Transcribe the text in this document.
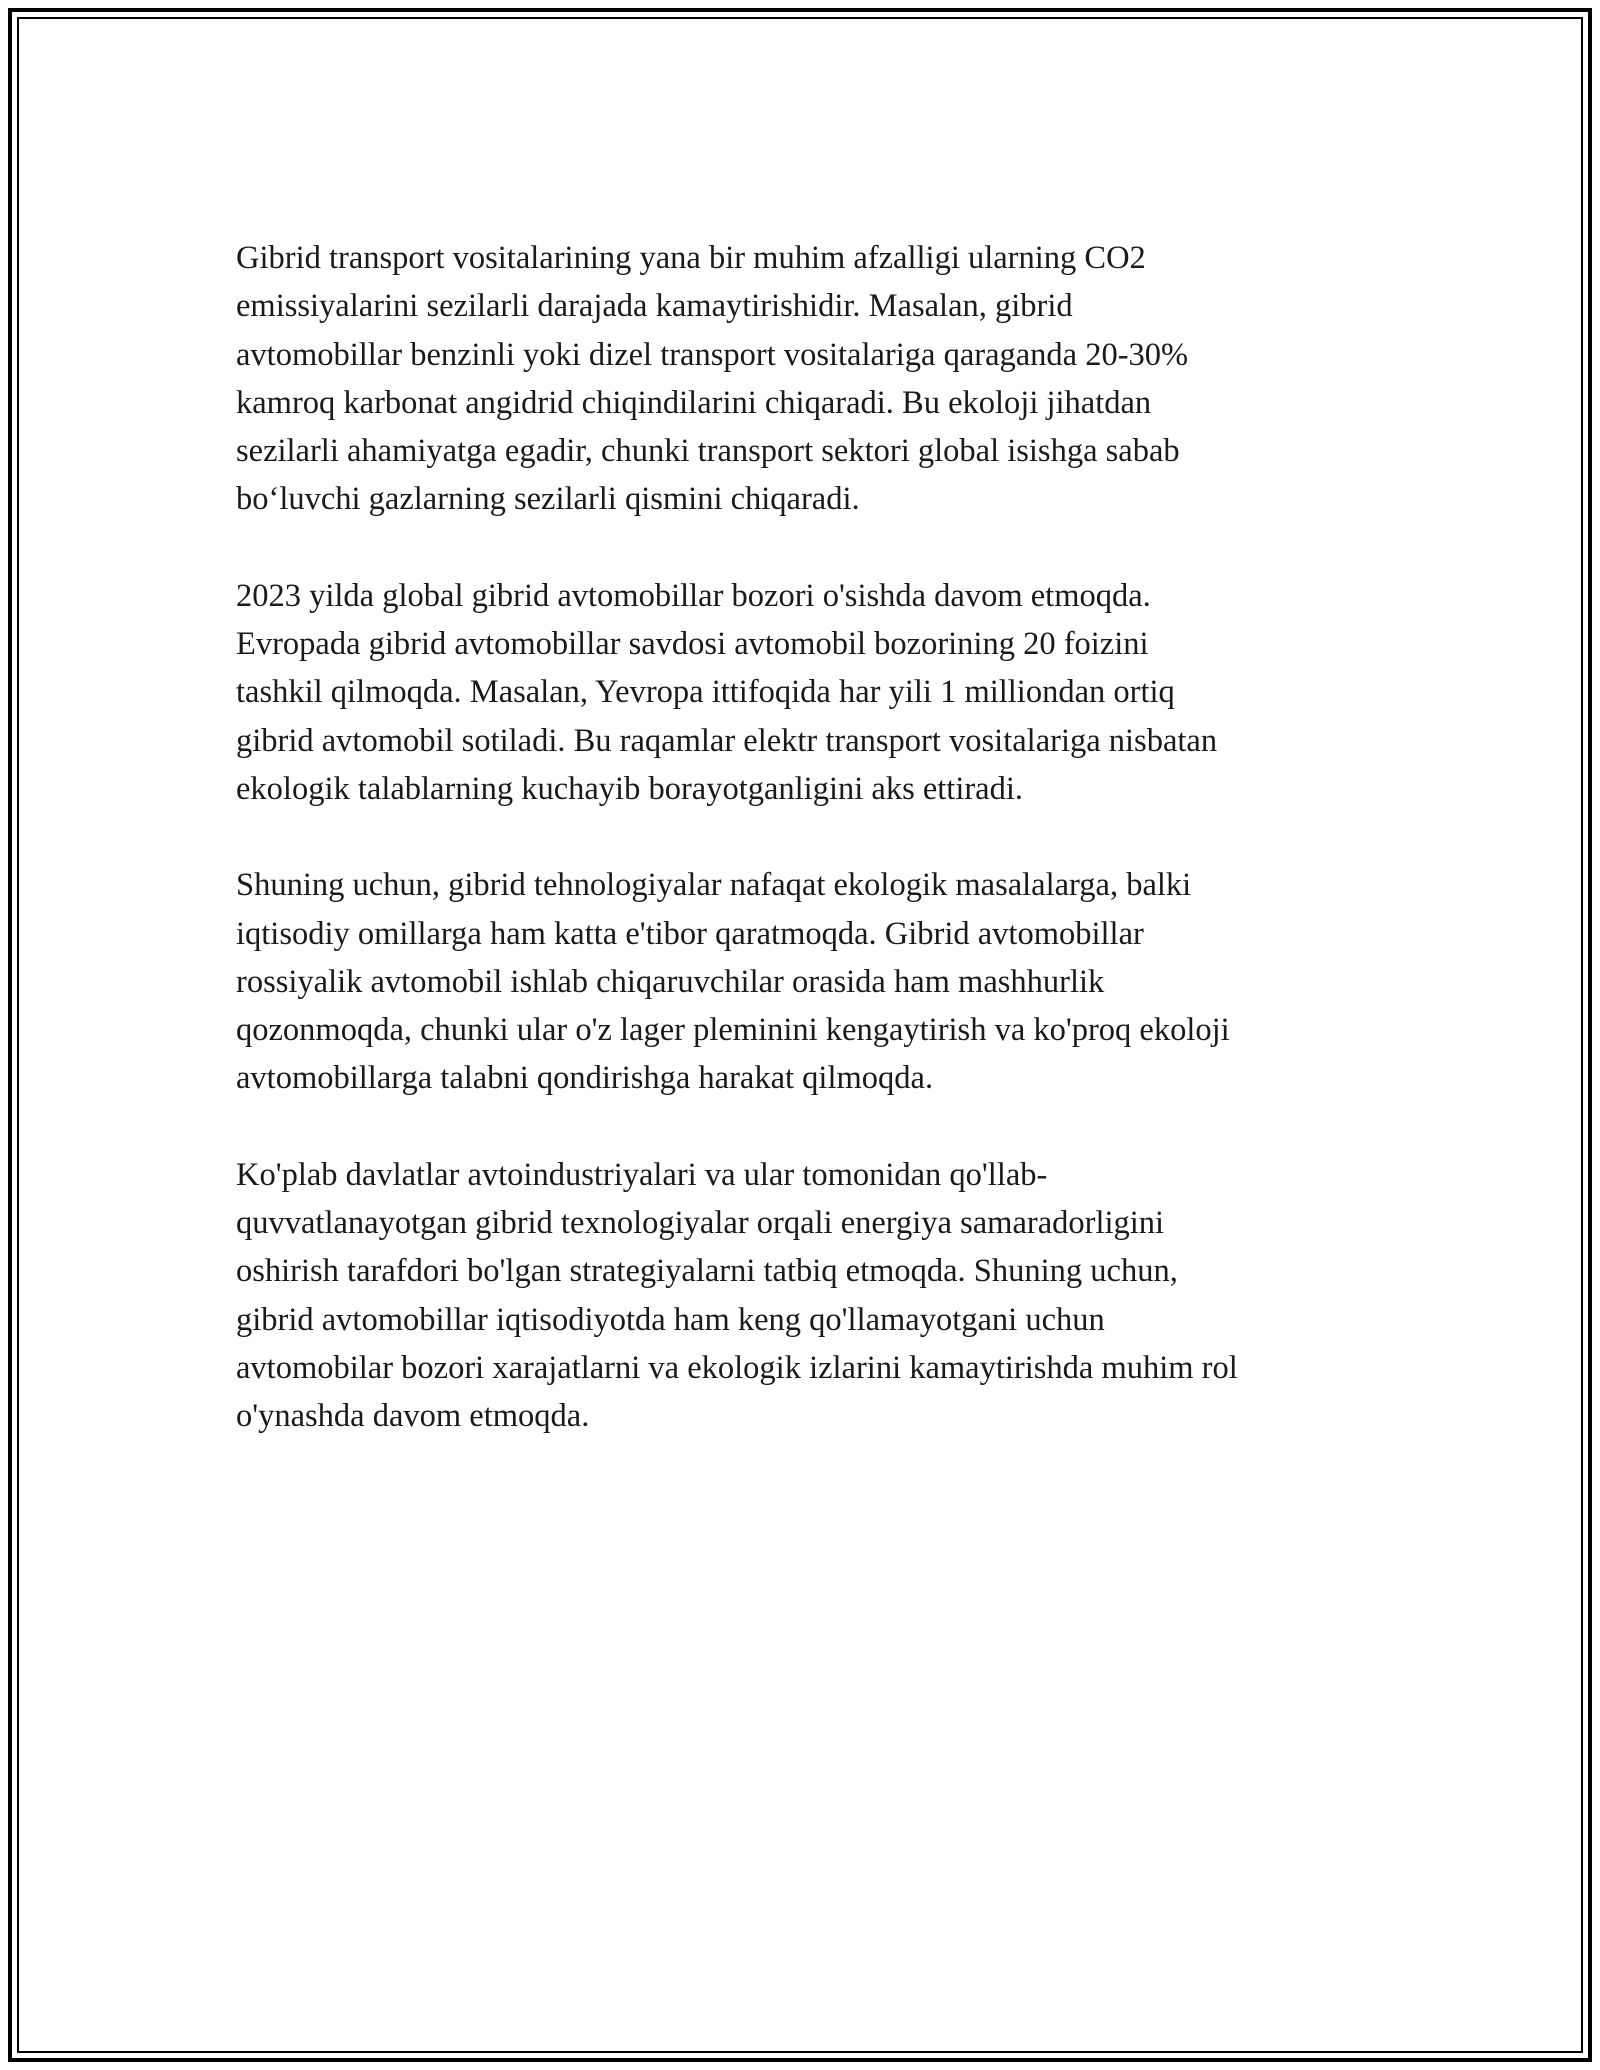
Gibrid transport vositalarining yana bir muhim afzalligi ularning CO2
emissiyalarini sezilarli darajada kamaytirishidir. Masalan, gibrid
avtomobillar benzinli yoki dizel transport vositalariga qaraganda 20-30%
kamroq karbonat angidrid chiqindilarini chiqaradi. Bu ekoloji jihatdan
sezilarli ahamiyatga egadir, chunki transport sektori global isishga sabab
bo‘luvchi gazlarning sezilarli qismini chiqaradi.

2023 yilda global gibrid avtomobillar bozori o'sishda davom etmoqda.
Evropada gibrid avtomobillar savdosi avtomobil bozorining 20 foizini
tashkil qilmoqda. Masalan, Yevropa ittifoqida har yili 1 milliondan ortiq
gibrid avtomobil sotiladi. Bu raqamlar elektr transport vositalariga nisbatan
ekologik talablarning kuchayib borayotganligini aks ettiradi.

Shuning uchun, gibrid tehnologiyalar nafaqat ekologik masalalarga, balki
iqtisodiy omillarga ham katta e'tibor qaratmoqda. Gibrid avtomobillar
rossiyalik avtomobil ishlab chiqaruvchilar orasida ham mashhurlik
qozonmoqda, chunki ular o'z lager pleminini kengaytirish va ko'proq ekoloji
avtomobillarga talabni qondirishga harakat qilmoqda.

Ko'plab davlatlar avtoindustriyalari va ular tomonidan qo'llab-
quvvatlanayotgan gibrid texnologiyalar orqali energiya samaradorligini
oshirish tarafdori bo'lgan strategiyalarni tatbiq etmoqda. Shuning uchun,
gibrid avtomobillar iqtisodiyotda ham keng qo'llamayotgani uchun
avtomobilar bozori xarajatlarni va ekologik izlarini kamaytirishda muhim rol
o'ynashda davom etmoqda.
